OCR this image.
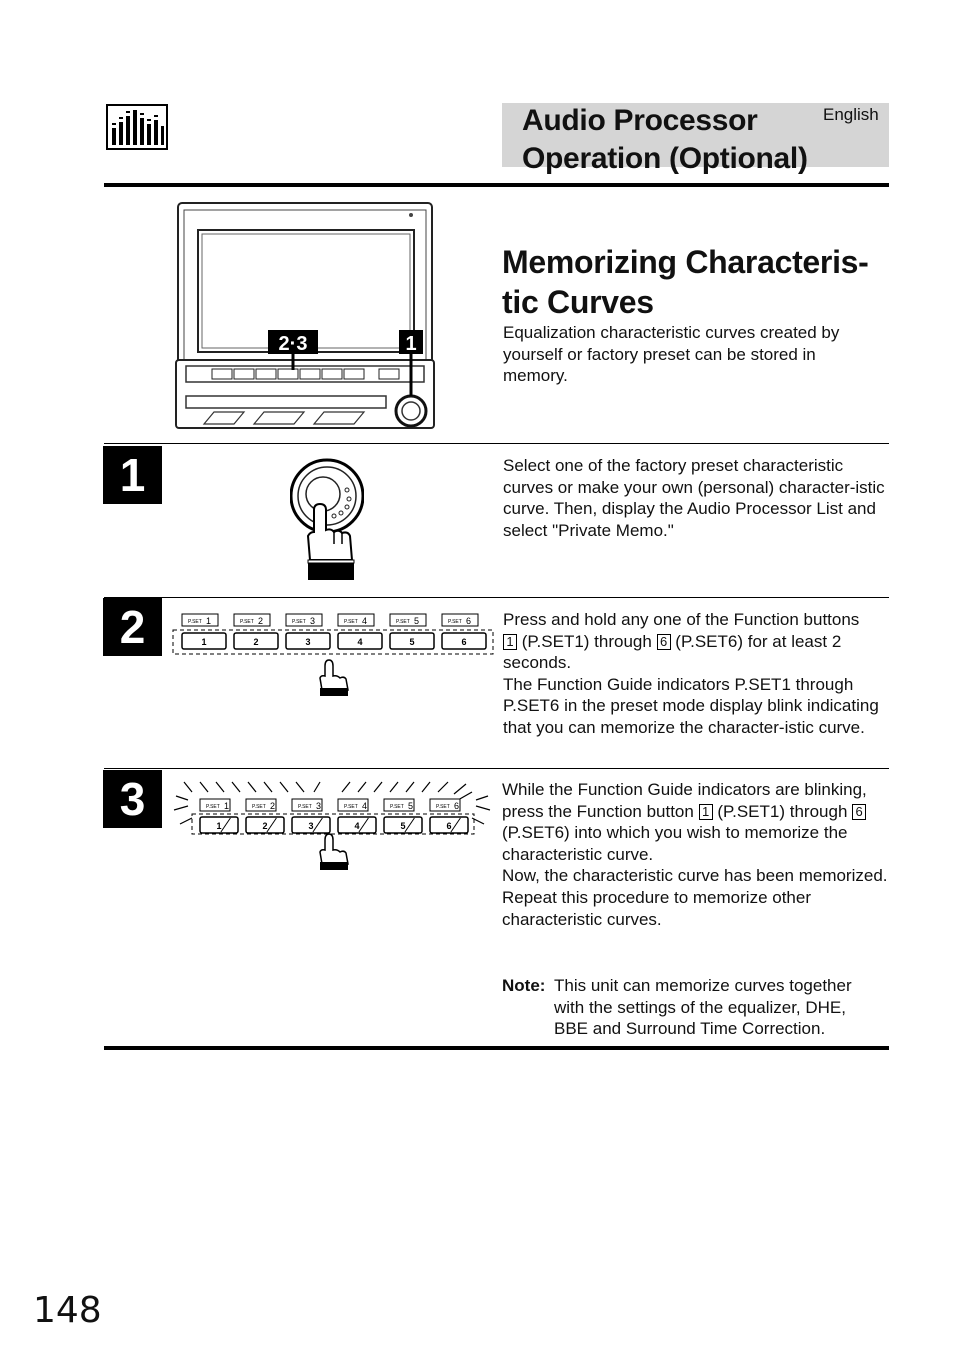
Audio Processor Operation (Optional)
English
2·3	1
Memorizing Characteris-tic Curves
Equalization characteristic curves created by yourself or factory preset can be stored in memory.
1	Select one of the factory preset characteristic curves or make your own (personal) character-istic curve. Then, display the Audio Processor List and select "Private Memo."
2	P.SET 1	P.SET 2	P.SET 3	P.SET 4	P.SET 5	P.SET 6
1	2	3	4	5	6
Press and hold any one of the Function buttons
1 (P.SET1) through 6 (P.SET6) for at least 2 seconds.
The Function Guide indicators P.SET1 through P.SET6 in the preset mode display blink indicating that you can memorize the character-istic curve.
3	P.SET 1	P.SET 2	P.SET 3	P.SET 4	P.SET 5	P.SET 6
1	2	3	4	5	6
While the Function Guide indicators are blinking, press the Function button 1 (P.SET1) through 6 (P.SET6) into which you wish to memorize the characteristic curve.
Now, the characteristic curve has been memorized.
Repeat this procedure to memorize other characteristic curves.
Note: This unit can memorize curves together with the settings of the equalizer, DHE, BBE and Surround Time Correction.
148
